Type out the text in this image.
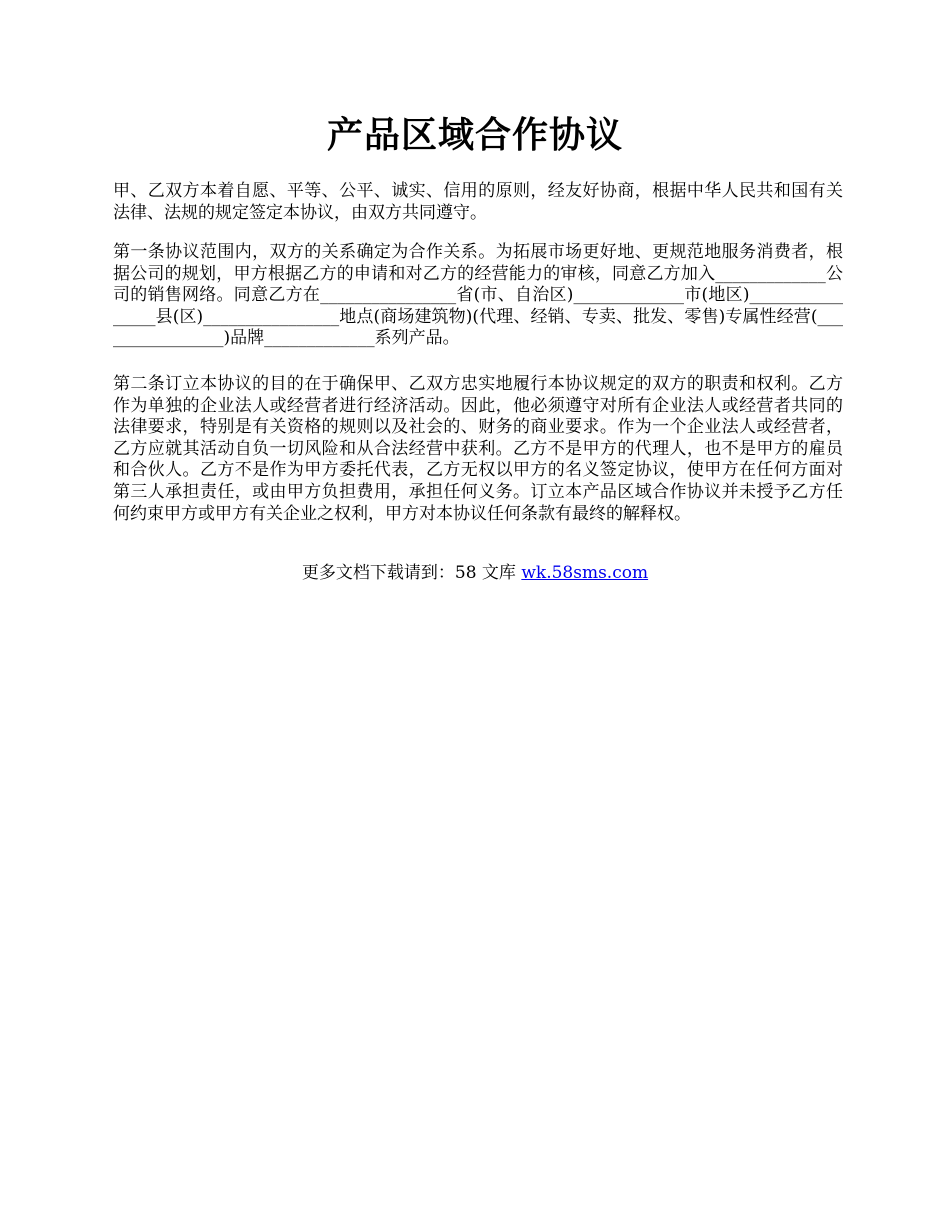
产品区域合作协议

甲、乙双方本着自愿、平等、公平、诚实、信用的原则，经友好协商，根据中华人民共和国有关法律、法规的规定签定本协议，由双方共同遵守。

第一条协议范围内，双方的关系确定为合作关系。为拓展市场更好地、更规范地服务消费者，根据公司的规划，甲方根据乙方的申请和对乙方的经营能力的审核，同意乙方加入_____________公司的销售网络。同意乙方在________________省(市、自治区)_____________市(地区)________________县(区)________________地点(商场建筑物)(代理、经销、专卖、批发、零售)专属性经营(________________)品牌_____________系列产品。

第二条订立本协议的目的在于确保甲、乙双方忠实地履行本协议规定的双方的职责和权利。乙方作为单独的企业法人或经营者进行经济活动。因此，他必须遵守对所有企业法人或经营者共同的法律要求，特别是有关资格的规则以及社会的、财务的商业要求。作为一个企业法人或经营者，乙方应就其活动自负一切风险和从合法经营中获利。乙方不是甲方的代理人，也不是甲方的雇员和合伙人。乙方不是作为甲方委托代表，乙方无权以甲方的名义签定协议，使甲方在任何方面对第三人承担责任，或由甲方负担费用，承担任何义务。订立本产品区域合作协议并未授予乙方任何约束甲方或甲方有关企业之权利，甲方对本协议任何条款有最终的解释权。

更多文档下载请到：58 文库 wk.58sms.com
